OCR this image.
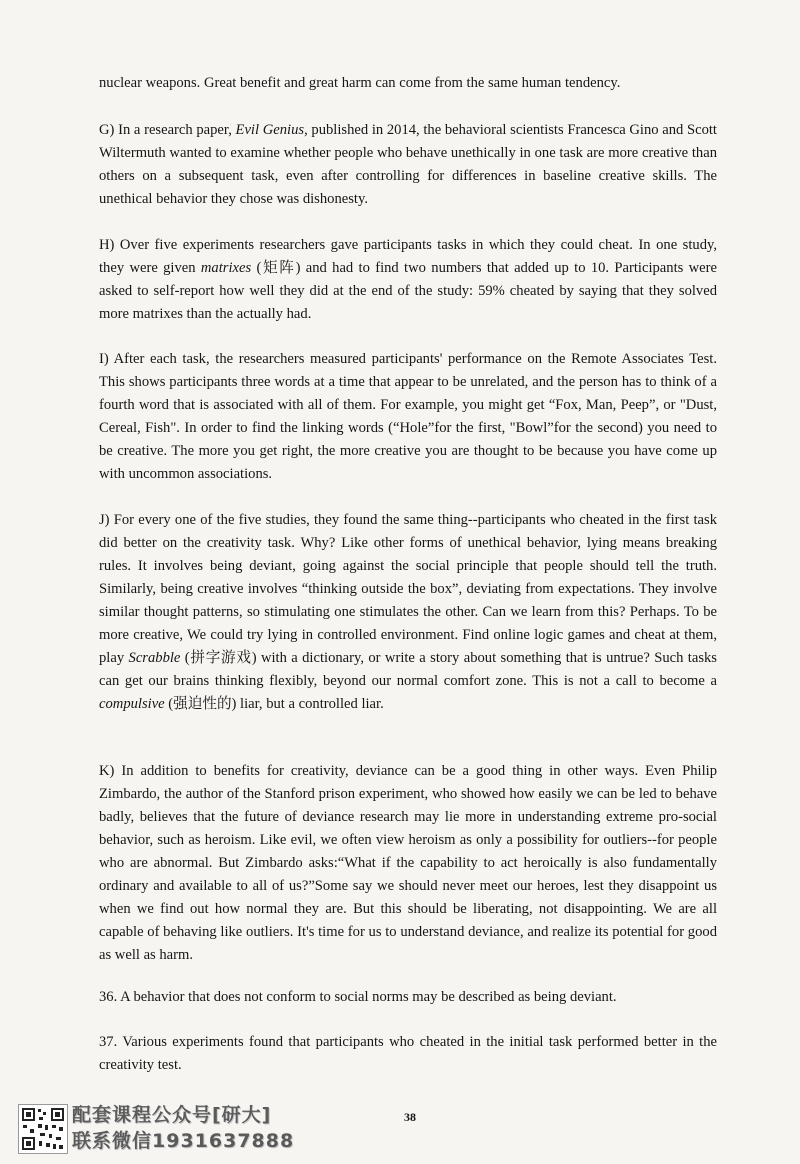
nuclear weapons. Great benefit and great harm can come from the same human tendency.

G) In a research paper, Evil Genius, published in 2014, the behavioral scientists Francesca Gino and Scott Wiltermuth wanted to examine whether people who behave unethically in one task are more creative than others on a subsequent task, even after controlling for differences in baseline creative skills. The unethical behavior they chose was dishonesty.

H) Over five experiments researchers gave participants tasks in which they could cheat. In one study, they were given matrixes (矩阵) and had to find two numbers that added up to 10. Participants were asked to self-report how well they did at the end of the study: 59% cheated by saying that they solved more matrixes than the actually had.

I) After each task, the researchers measured participants' performance on the Remote Associates Test. This shows participants three words at a time that appear to be unrelated, and the person has to think of a fourth word that is associated with all of them. For example, you might get “Fox, Man, Peep”, or "Dust, Cereal, Fish". In order to find the linking words (“Hole”for the first, "Bowl”for the second) you need to be creative. The more you get right, the more creative you are thought to be because you have come up with uncommon associations.

J) For every one of the five studies, they found the same thing--participants who cheated in the first task did better on the creativity task. Why? Like other forms of unethical behavior, lying means breaking rules. It involves being deviant, going against the social principle that people should tell the truth. Similarly, being creative involves “thinking outside the box”, deviating from expectations. They involve similar thought patterns, so stimulating one stimulates the other. Can we learn from this? Perhaps. To be more creative, We could try lying in controlled environment. Find online logic games and cheat at them, play Scrabble (拼字游戏) with a dictionary, or write a story about something that is untrue? Such tasks can get our brains thinking flexibly, beyond our normal comfort zone. This is not a call to become a compulsive (强迫性的) liar, but a controlled liar.

K) In addition to benefits for creativity, deviance can be a good thing in other ways. Even Philip Zimbardo, the author of the Stanford prison experiment, who showed how easily we can be led to behave badly, believes that the future of deviance research may lie more in understanding extreme pro-social behavior, such as heroism. Like evil, we often view heroism as only a possibility for outliers--for people who are abnormal. But Zimbardo asks:“What if the capability to act heroically is also fundamentally ordinary and available to all of us?”Some say we should never meet our heroes, lest they disappoint us when we find out how normal they are. But this should be liberating, not disappointing. We are all capable of behaving like outliers. It's time for us to understand deviance, and realize its potential for good as well as harm.

36. A behavior that does not conform to social norms may be described as being deviant.

37. Various experiments found that participants who cheated in the initial task performed better in the creativity test.

38
配套课程公众号[研大]
联系微信1931637888
